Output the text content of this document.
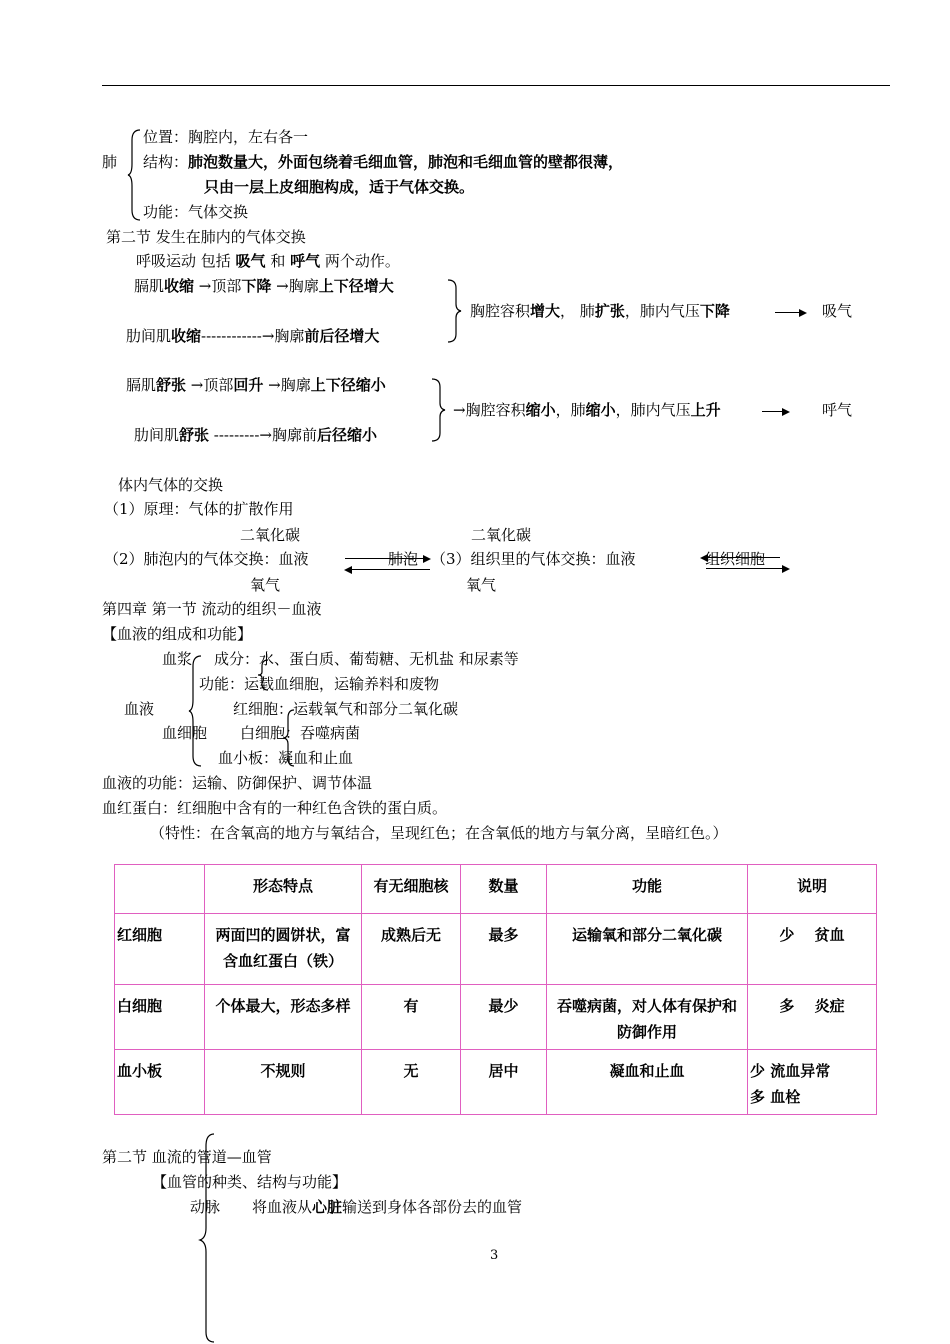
肺
位置：胸腔内，左右各一
结构：肺泡数量大，外面包绕着毛细血管，肺泡和毛细血管的壁都很薄，
只由一层上皮细胞构成，适于气体交换。
功能：气体交换
第二节 发生在肺内的气体交换
呼吸运动 包括 吸气 和 呼气 两个动作。
膈肌收缩 →顶部下降 →胸廓上下径增大
肋间肌收缩------------→胸廓前后径增大
胸腔容积增大， 肺扩张，肺内气压下降	吸气
膈肌舒张 →顶部回升 →胸廓上下径缩小
肋间肌舒张 ---------→胸廓前后径缩小
→胸腔容积缩小，肺缩小，肺内气压上升	呼气
体内气体的交换
（1）原理：气体的扩散作用
二氧化碳	二氧化碳
（2）肺泡内的气体交换：血液	肺泡 （3）组织里的气体交换：血液	组织细胞
氧气	氧气
第四章 第一节 流动的组织－血液
【血液的组成和功能】
血浆 成分：水、蛋白质、葡萄糖、无机盐 和尿素等
功能：运载血细胞，运输养料和废物
血液	红细胞：运载氧气和部分二氧化碳
血细胞 白细胞：吞噬病菌
血小板：凝血和止血
血液的功能：运输、防御保护、调节体温
血红蛋白：红细胞中含有的一种红色含铁的蛋白质。
（特性：在含氧高的地方与氧结合，呈现红色；在含氧低的地方与氧分离，呈暗红色。）
	形态特点	有无细胞核	数量	功能	说明
红细胞	两面凹的圆饼状，富含血红蛋白（铁）	成熟后无	最多	运输氧和部分二氧化碳	少　 贫血
白细胞	个体最大，形态多样	有	最少	吞噬病菌，对人体有保护和防御作用	多　 炎症
血小板	不规则	无	居中	凝血和止血	少 流血异常
多 血栓
第二节 血流的管道—血管
【血管的种类、结构与功能】
动脉 将血液从心脏输送到身体各部份去的血管
3
